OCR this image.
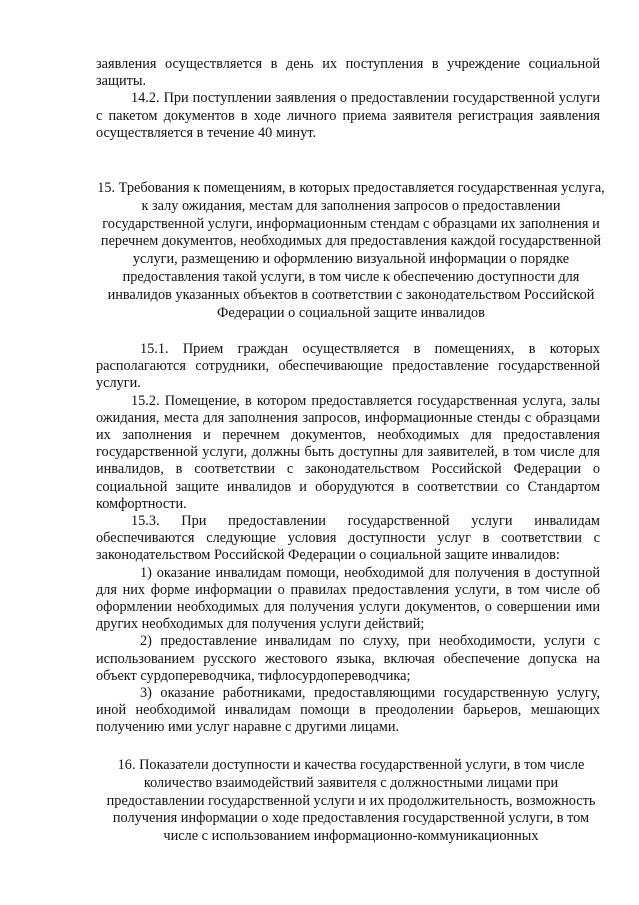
заявления осуществляется в день их поступления в учреждение социальной защиты.

14.2. При поступлении заявления о предоставлении государственной услуги с пакетом документов в ходе личного приема заявителя регистрация заявления осуществляется в течение 40 минут.

15. Требования к помещениям, в которых предоставляется государственная услуга, к залу ожидания, местам для заполнения запросов о предоставлении государственной услуги, информационным стендам с образцами их заполнения и перечнем документов, необходимых для предоставления каждой государственной услуги, размещению и оформлению визуальной информации о порядке предоставления такой услуги, в том числе к обеспечению доступности для инвалидов указанных объектов в соответствии с законодательством Российской Федерации о социальной защите инвалидов

15.1. Прием граждан осуществляется в помещениях, в которых располагаются сотрудники, обеспечивающие предоставление государственной услуги.

15.2. Помещение, в котором предоставляется государственная услуга, залы ожидания, места для заполнения запросов, информационные стенды с образцами их заполнения и перечнем документов, необходимых для предоставления государственной услуги, должны быть доступны для заявителей, в том числе для инвалидов, в соответствии с законодательством Российской Федерации о социальной защите инвалидов и оборудуются в соответствии со Стандартом комфортности.

15.3. При предоставлении государственной услуги инвалидам обеспечиваются следующие условия доступности услуг в соответствии с законодательством Российской Федерации о социальной защите инвалидов:

1) оказание инвалидам помощи, необходимой для получения в доступной для них форме информации о правилах предоставления услуги, в том числе об оформлении необходимых для получения услуги документов, о совершении ими других необходимых для получения услуги действий;

2) предоставление инвалидам по слуху, при необходимости, услуги с использованием русского жестового языка, включая обеспечение допуска на объект сурдопереводчика, тифлосурдопереводчика;

3) оказание работниками, предоставляющими государственную услугу, иной необходимой инвалидам помощи в преодолении барьеров, мешающих получению ими услуг наравне с другими лицами.

16. Показатели доступности и качества государственной услуги, в том числе количество взаимодействий заявителя с должностными лицами при предоставлении государственной услуги и их продолжительность, возможность получения информации о ходе предоставления государственной услуги, в том числе с использованием информационно-коммуникационных
